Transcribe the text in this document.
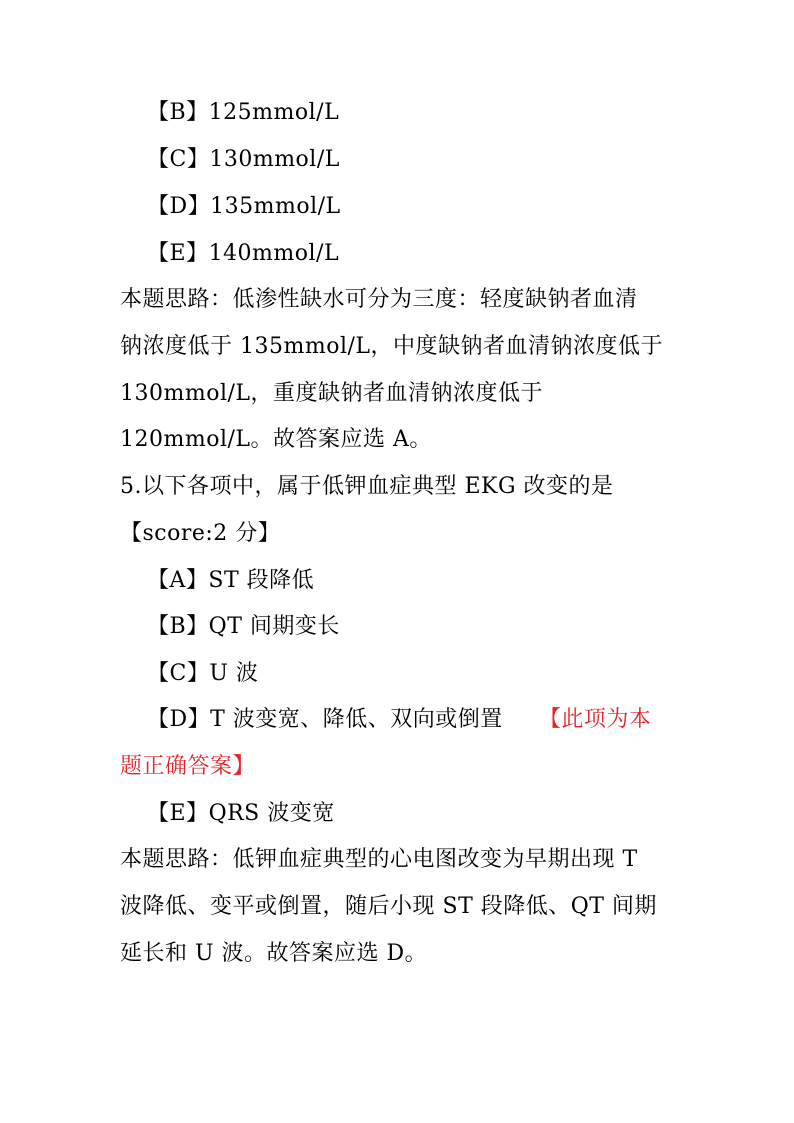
【B】125mmol/L
【C】130mmol/L
【D】135mmol/L
【E】140mmol/L
本题思路：低渗性缺水可分为三度：轻度缺钠者血清
钠浓度低于 135mmol/L，中度缺钠者血清钠浓度低于
130mmol/L，重度缺钠者血清钠浓度低于
120mmol/L。故答案应选 A。
5.以下各项中，属于低钾血症典型 EKG 改变的是
【score:2 分】
【A】ST 段降低
【B】QT 间期变长
【C】U 波
【D】T 波变宽、降低、双向或倒置 【此项为本
题正确答案】
【E】QRS 波变宽
本题思路：低钾血症典型的心电图改变为早期出现 T
波降低、变平或倒置，随后小现 ST 段降低、QT 间期
延长和 U 波。故答案应选 D。
